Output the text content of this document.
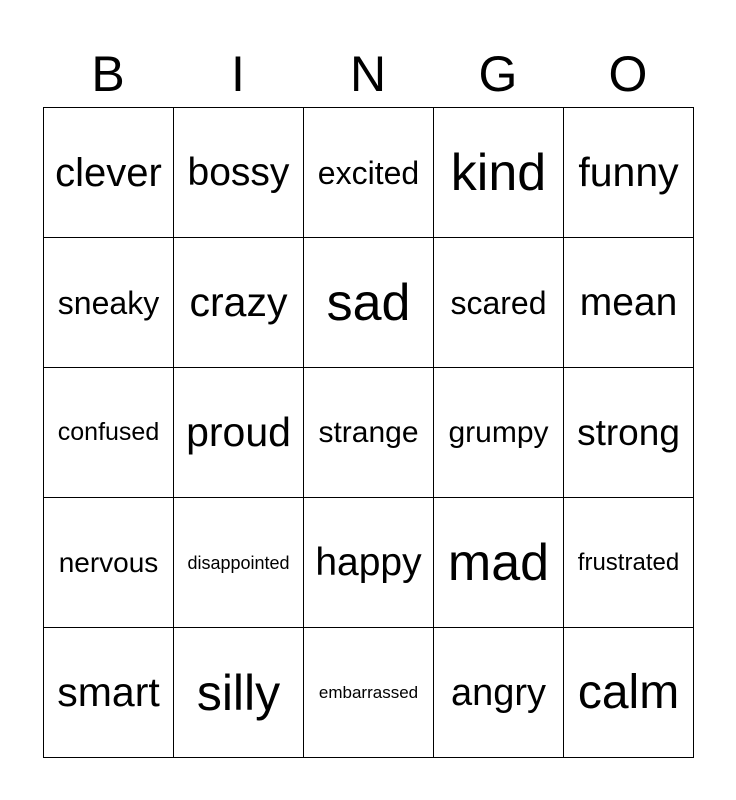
B	I	N	G	O
clever bossy excited kind funny
sneaky crazy sad scared mean
confused proud strange grumpy strong
nervous disappointed happy mad frustrated
smart silly embarrassed angry calm
